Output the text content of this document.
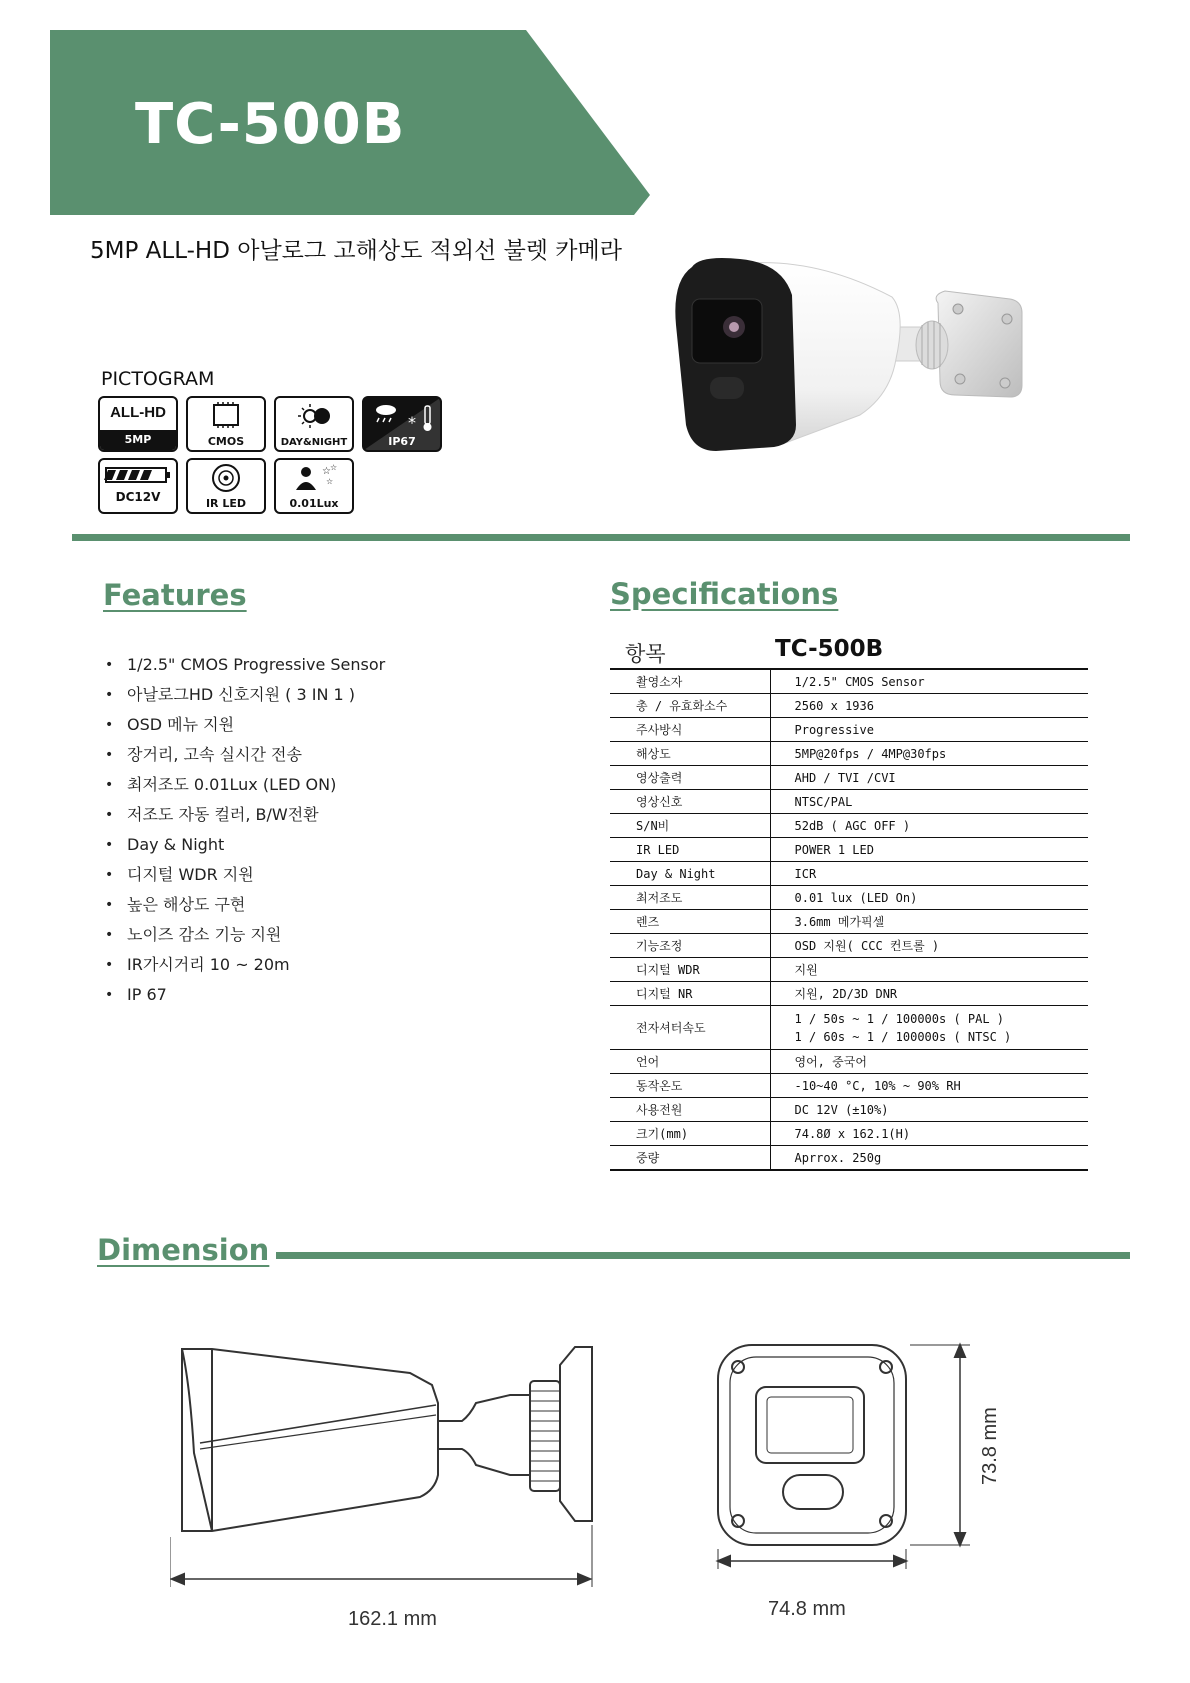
TC-500B
5MP ALL-HD 아날로그 고해상도 적외선 불렛 카메라
PICTOGRAM
ALL-HD
5MP	CMOS	DAY&NIGHT
*
IP67
DC12V	IR LED
☆ ☆
☆
0.01Lux
Features
• 1/2.5" CMOS Progressive Sensor
• 아날로그HD 신호지원 ( 3 IN 1 )
• OSD 메뉴 지원
• 장거리, 고속 실시간 전송
• 최저조도 0.01Lux (LED ON)
• 저조도 자동 컬러, B/W전환
• Day & Night
• 디지털 WDR 지원
• 높은 해상도 구현
• 노이즈 감소 기능 지원
• IR가시거리 10 ~ 20m
• IP 67
Specifications
항목	TC-500B
촬영소자	1/2.5" CMOS Sensor
총 / 유효화소수	2560 x 1936
주사방식	Progressive
해상도	5MP@20fps / 4MP@30fps
영상출력	AHD / TVI /CVI
영상신호	NTSC/PAL
S/N비	52dB ( AGC OFF )
IR LED	POWER 1 LED
Day & Night	ICR
최저조도	0.01 lux (LED On)
렌즈	3.6mm 메가픽셀
기능조정	OSD 지원( CCC 컨트롤 )
디지털 WDR	지원
디지털 NR	지원, 2D/3D DNR
전자셔터속도	1 / 50s ~ 1 / 100000s ( PAL )
1 / 60s ~ 1 / 100000s ( NTSC )

언어	영어, 중국어
동작온도	-10~40 °C, 10% ~ 90% RH
사용전원	DC 12V (±10%)
크기(mm)	74.8Ø x 162.1(H)
중량	Aprrox. 250g
Dimension
162.1 mm	74.8 mm
73.8 mm
